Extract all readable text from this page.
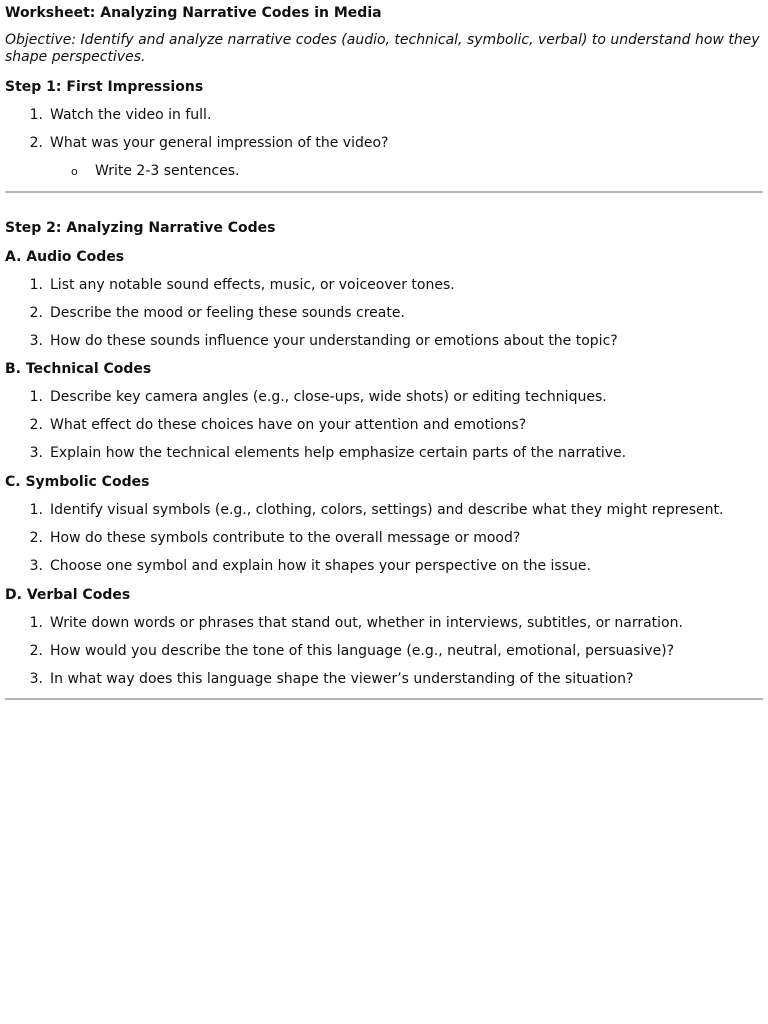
Worksheet: Analyzing Narrative Codes in Media

Objective: Identify and analyze narrative codes (audio, technical, symbolic, verbal) to understand how they shape perspectives.

Step 1: First Impressions
1. Watch the video in full.
2. What was your general impression of the video?
o Write 2-3 sentences.
Step 2: Analyzing Narrative Codes
A. Audio Codes
1. List any notable sound effects, music, or voiceover tones.
2. Describe the mood or feeling these sounds create.
3. How do these sounds influence your understanding or emotions about the topic?
B. Technical Codes
1. Describe key camera angles (e.g., close-ups, wide shots) or editing techniques.
2. What effect do these choices have on your attention and emotions?
3. Explain how the technical elements help emphasize certain parts of the narrative.
C. Symbolic Codes
1. Identify visual symbols (e.g., clothing, colors, settings) and describe what they might represent.
2. How do these symbols contribute to the overall message or mood?
3. Choose one symbol and explain how it shapes your perspective on the issue.
D. Verbal Codes
1. Write down words or phrases that stand out, whether in interviews, subtitles, or narration.
2. How would you describe the tone of this language (e.g., neutral, emotional, persuasive)?
3. In what way does this language shape the viewer’s understanding of the situation?
